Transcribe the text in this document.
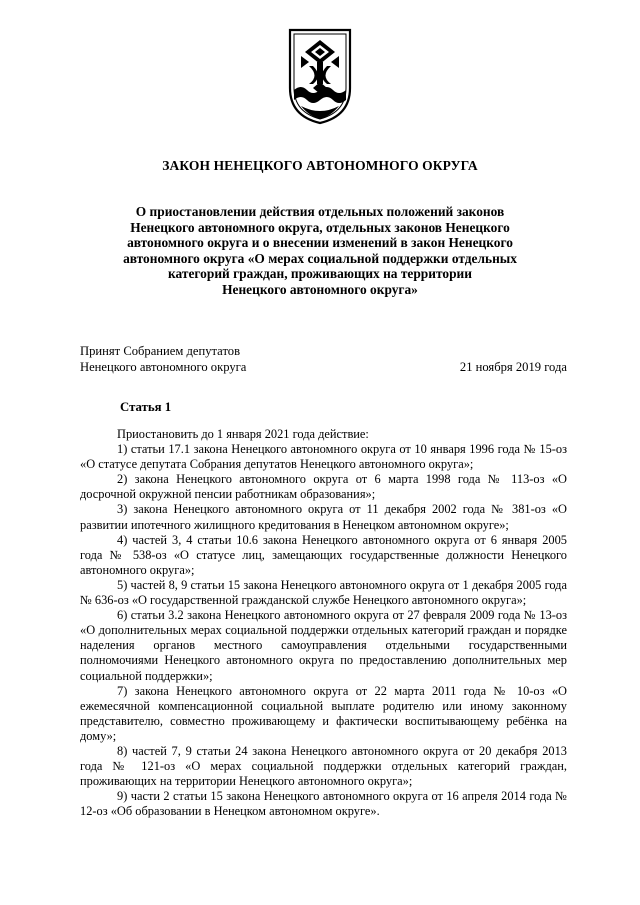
ЗАКОН НЕНЕЦКОГО АВТОНОМНОГО ОКРУГА
О приостановлении действия отдельных положений законов
Ненецкого автономного округа, отдельных законов Ненецкого
автономного округа и о внесении изменений в закон Ненецкого
автономного округа «О мерах социальной поддержки отдельных
категорий граждан, проживающих на территории
Ненецкого автономного округа»
Принят Собранием депутатов
Ненецкого автономного округа	21 ноября 2019 года
Статья 1

Приостановить до 1 января 2021 года действие:

1) статьи 17.1 закона Ненецкого автономного округа от 10 января 1996 года № 15-оз «О статусе депутата Собрания депутатов Ненецкого автономного округа»;

2) закона Ненецкого автономного округа от 6 марта 1998 года № 113-оз «О досрочной окружной пенсии работникам образования»;

3) закона Ненецкого автономного округа от 11 декабря 2002 года № 381-оз «О развитии ипотечного жилищного кредитования в Ненецком автономном округе»;

4) частей 3, 4 статьи 10.6 закона Ненецкого автономного округа от 6 января 2005 года № 538-оз «О статусе лиц, замещающих государственные должности Ненецкого автономного округа»;

5) частей 8, 9 статьи 15 закона Ненецкого автономного округа от 1 декабря 2005 года № 636-оз «О государственной гражданской службе Ненецкого автономного округа»;

6) статьи 3.2 закона Ненецкого автономного округа от 27 февраля 2009 года № 13-оз «О дополнительных мерах социальной поддержки отдельных категорий граждан и порядке наделения органов местного самоуправления отдельными государственными полномочиями Ненецкого автономного округа по предоставлению дополнительных мер социальной поддержки»;

7) закона Ненецкого автономного округа от 22 марта 2011 года № 10-оз «О ежемесячной компенсационной социальной выплате родителю или иному законному представителю, совместно проживающему и фактически воспитывающему ребёнка на дому»;

8) частей 7, 9 статьи 24 закона Ненецкого автономного округа от 20 декабря 2013 года № 121-оз «О мерах социальной поддержки отдельных категорий граждан, проживающих на территории Ненецкого автономного округа»;

9) части 2 статьи 15 закона Ненецкого автономного округа от 16 апреля 2014 года № 12-оз «Об образовании в Ненецком автономном округе».
